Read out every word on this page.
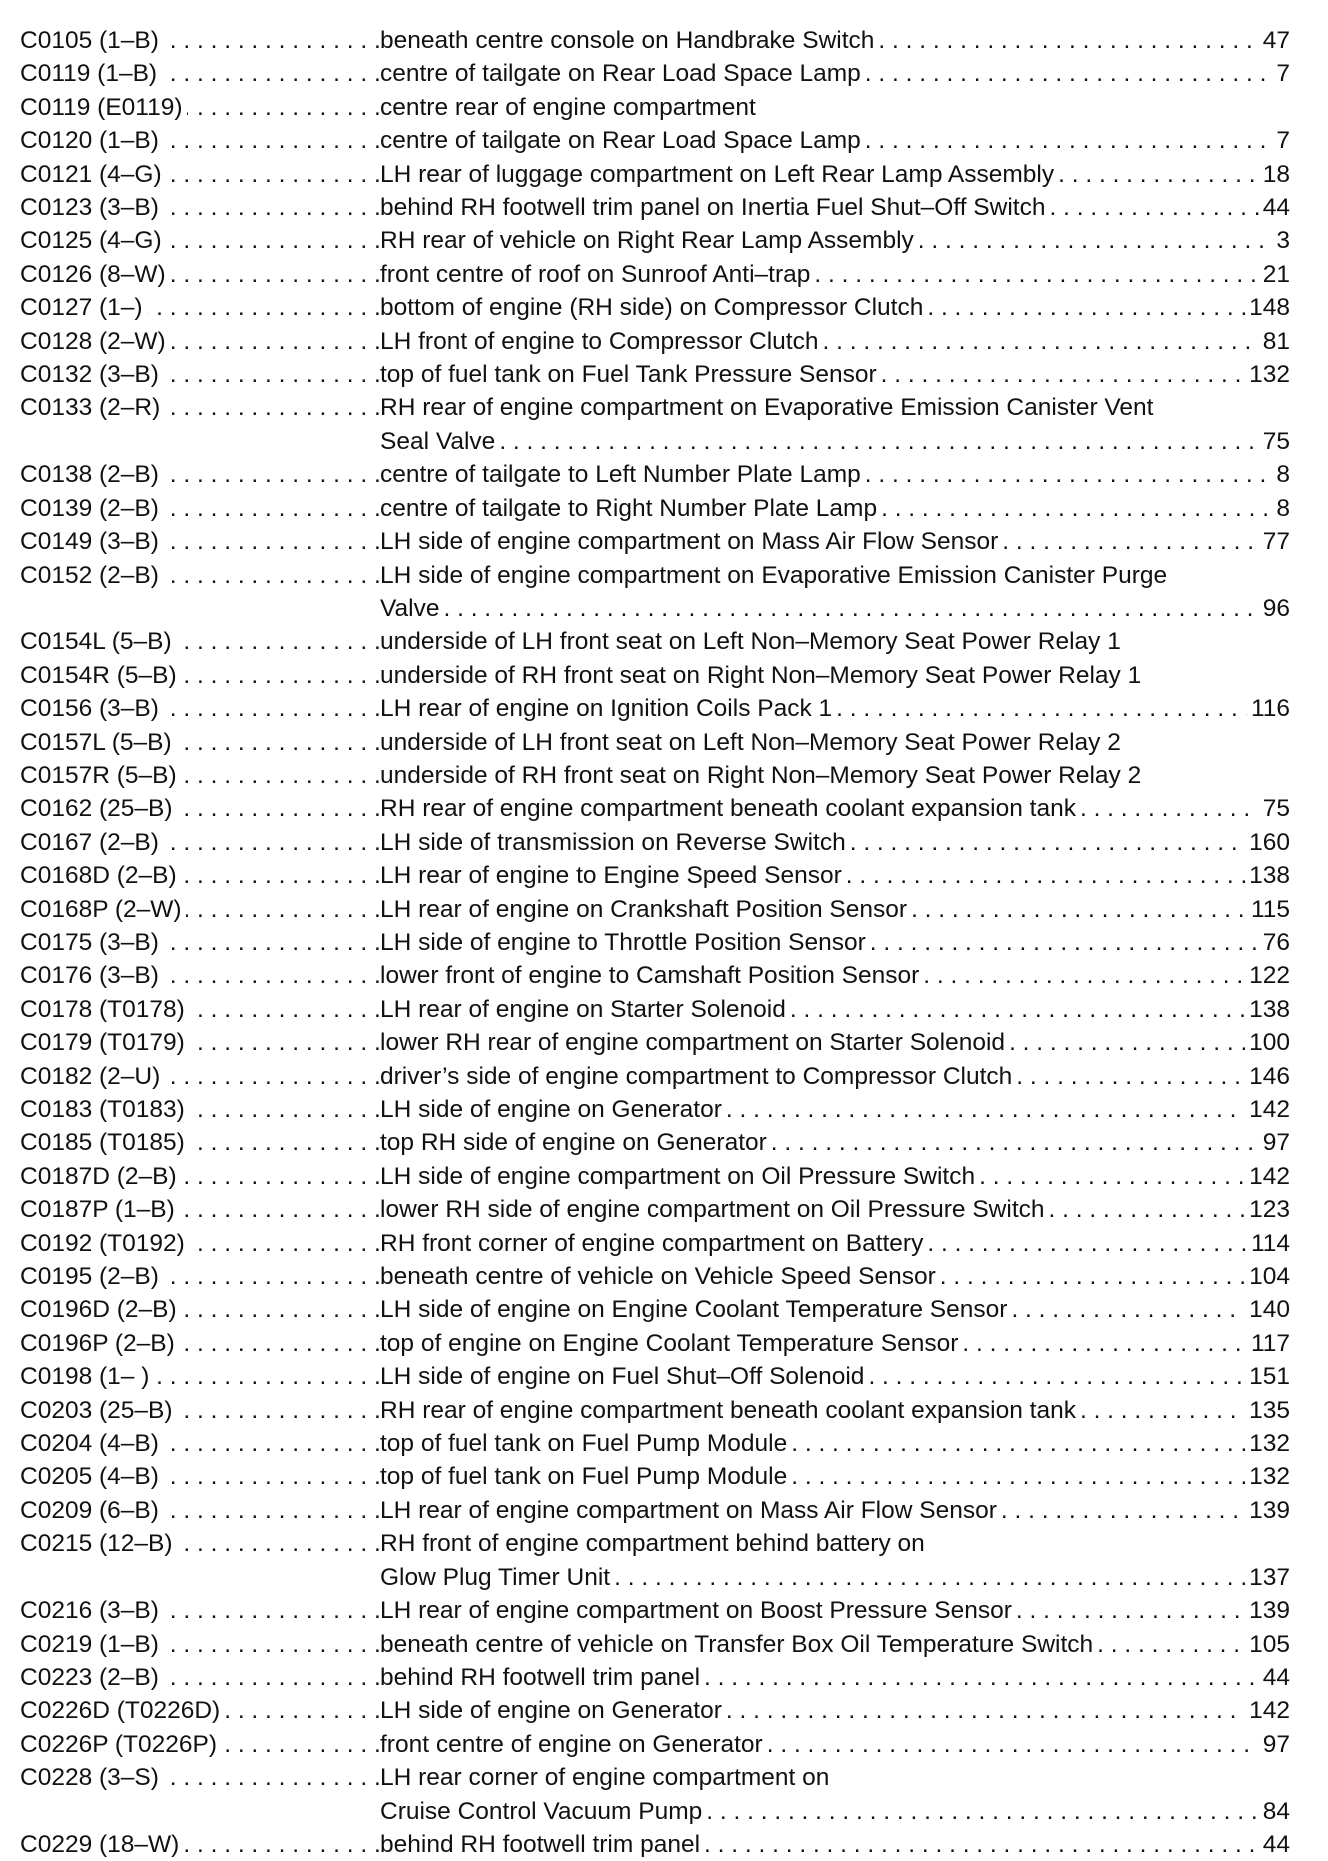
C0105 (1–B) . . .	beneath centre console on Handbrake Switch . . .	47
C0119 (1–B) . . .	centre of tailgate on Rear Load Space Lamp . . .	7
C0119 (E0119) . . .	centre rear of engine compartment
C0120 (1–B) . . .	centre of tailgate on Rear Load Space Lamp . . .	7
C0121 (4–G) . . .	LH rear of luggage compartment on Left Rear Lamp Assembly . . .	18
C0123 (3–B) . . .	behind RH footwell trim panel on Inertia Fuel Shut–Off Switch . . .	44
C0125 (4–G) . . .	RH rear of vehicle on Right Rear Lamp Assembly . . .	3
C0126 (8–W) . . .	front centre of roof on Sunroof Anti–trap . . .	21
C0127 (1–) . . .	bottom of engine (RH side) on Compressor Clutch . . .	148
C0128 (2–W) . . .	LH front of engine to Compressor Clutch . . .	81
C0132 (3–B) . . .	top of fuel tank on Fuel Tank Pressure Sensor . . .	132
C0133 (2–R) . . .	RH rear of engine compartment on Evaporative Emission Canister Vent
Seal Valve . . .	75
C0138 (2–B) . . .	centre of tailgate to Left Number Plate Lamp . . .	8
C0139 (2–B) . . .	centre of tailgate to Right Number Plate Lamp . . .	8
C0149 (3–B) . . .	LH side of engine compartment on Mass Air Flow Sensor . . .	77
C0152 (2–B) . . .	LH side of engine compartment on Evaporative Emission Canister Purge
Valve . . .	96
C0154L (5–B) . . .	underside of LH front seat on Left Non–Memory Seat Power Relay 1
C0154R (5–B) . . .	underside of RH front seat on Right Non–Memory Seat Power Relay 1
C0156 (3–B) . . .	LH rear of engine on Ignition Coils Pack 1 . . .	116
C0157L (5–B) . . .	underside of LH front seat on Left Non–Memory Seat Power Relay 2
C0157R (5–B) . . .	underside of RH front seat on Right Non–Memory Seat Power Relay 2
C0162 (25–B) . . .	RH rear of engine compartment beneath coolant expansion tank . . .	75
C0167 (2–B) . . .	LH side of transmission on Reverse Switch . . .	160
C0168D (2–B) . . .	LH rear of engine to Engine Speed Sensor . . .	138
C0168P (2–W) . . .	LH rear of engine on Crankshaft Position Sensor . . .	115
C0175 (3–B) . . .	LH side of engine to Throttle Position Sensor . . .	76
C0176 (3–B) . . .	lower front of engine to Camshaft Position Sensor . . .	122
C0178 (T0178) . . .	LH rear of engine on Starter Solenoid . . .	138
C0179 (T0179) . . .	lower RH rear of engine compartment on Starter Solenoid . . .	100
C0182 (2–U) . . .	driver’s side of engine compartment to Compressor Clutch . . .	146
C0183 (T0183) . . .	LH side of engine on Generator . . .	142
C0185 (T0185) . . .	top RH side of engine on Generator . . .	97
C0187D (2–B) . . .	LH side of engine compartment on Oil Pressure Switch . . .	142
C0187P (1–B) . . .	lower RH side of engine compartment on Oil Pressure Switch . . .	123
C0192 (T0192) . . .	RH front corner of engine compartment on Battery . . .	114
C0195 (2–B) . . .	beneath centre of vehicle on Vehicle Speed Sensor . . .	104
C0196D (2–B) . . .	LH side of engine on Engine Coolant Temperature Sensor . . .	140
C0196P (2–B) . . .	top of engine on Engine Coolant Temperature Sensor . . .	117
C0198 (1– ) . . .	LH side of engine on Fuel Shut–Off Solenoid . . .	151
C0203 (25–B) . . .	RH rear of engine compartment beneath coolant expansion tank . . .	135
C0204 (4–B) . . .	top of fuel tank on Fuel Pump Module . . .	132
C0205 (4–B) . . .	top of fuel tank on Fuel Pump Module . . .	132
C0209 (6–B) . . .	LH rear of engine compartment on Mass Air Flow Sensor . . .	139
C0215 (12–B) . . .	RH front of engine compartment behind battery on
Glow Plug Timer Unit . . .	137
C0216 (3–B) . . .	LH rear of engine compartment on Boost Pressure Sensor . . .	139
C0219 (1–B) . . .	beneath centre of vehicle on Transfer Box Oil Temperature Switch . . .	105
C0223 (2–B) . . .	behind RH footwell trim panel . . .	44
C0226D (T0226D) . . .	LH side of engine on Generator . . .	142
C0226P (T0226P) . . .	front centre of engine on Generator . . .	97
C0228 (3–S) . . .	LH rear corner of engine compartment on
Cruise Control Vacuum Pump . . .	84
C0229 (18–W) . . .	behind RH footwell trim panel . . .	44
